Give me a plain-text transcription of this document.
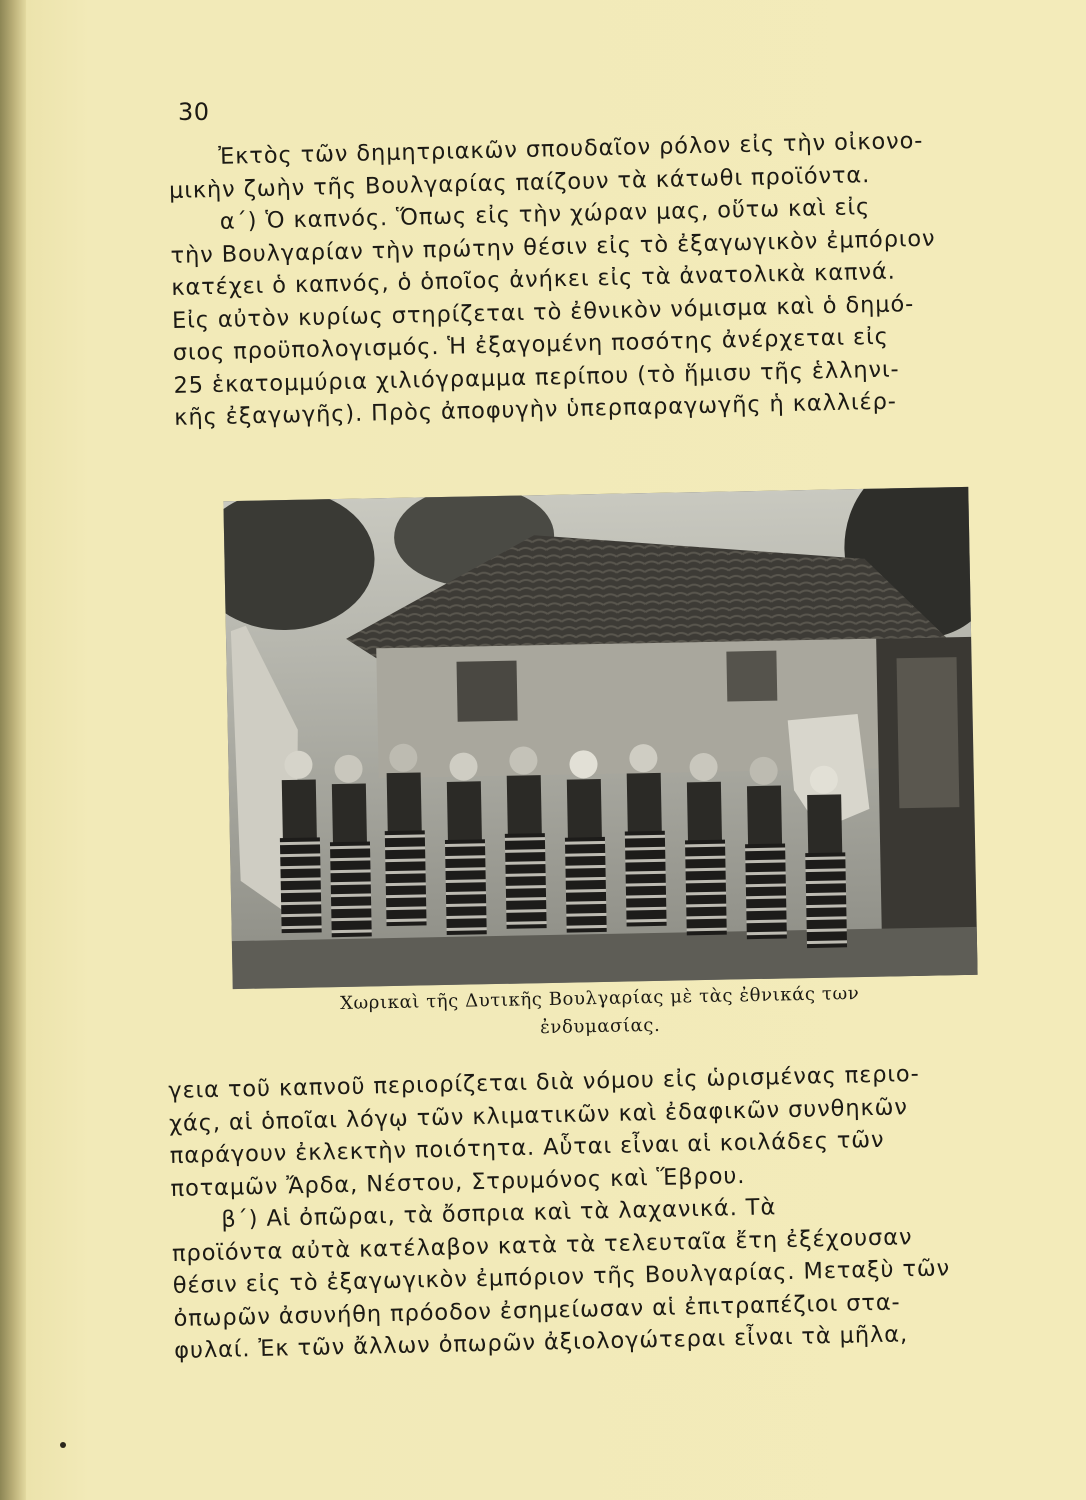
30
Ἐκτὸς τῶν δημητριακῶν σπουδαῖον ρόλον εἰς τὴν οἰκονο-
μικὴν ζωὴν τῆς Βουλγαρίας παίζουν τὰ κάτωθι προϊόντα.
α΄) Ὁ καπνός. Ὅπως εἰς τὴν χώραν μας, οὕτω καὶ εἰς
τὴν Βουλγαρίαν τὴν πρώτην θέσιν εἰς τὸ ἐξαγωγικὸν ἐμπόριον
κατέχει ὁ καπνός, ὁ ὁποῖος ἀνήκει εἰς τὰ ἀνατολικὰ καπνά.
Εἰς αὐτὸν κυρίως στηρίζεται τὸ ἐθνικὸν νόμισμα καὶ ὁ δημό-
σιος προϋπολογισμός. Ἡ ἐξαγομένη ποσότης ἀνέρχεται εἰς
25 ἑκατομμύρια χιλιόγραμμα περίπου (τὸ ἥμισυ τῆς ἑλληνι-
κῆς ἐξαγωγῆς). Πρὸς ἀποφυγὴν ὑπερπαραγωγῆς ἡ καλλιέρ-
Χωρικαὶ τῆς Δυτικῆς Βουλγαρίας μὲ τὰς ἐθνικάς των
ἐνδυμασίας.
γεια τοῦ καπνοῦ περιορίζεται διὰ νόμου εἰς ὡρισμένας περιο-
χάς, αἱ ὁποῖαι λόγῳ τῶν κλιματικῶν καὶ ἐδαφικῶν συνθηκῶν
παράγουν ἐκλεκτὴν ποιότητα. Αὗται εἶναι αἱ κοιλάδες τῶν
ποταμῶν Ἄρδα, Νέστου, Στρυμόνος καὶ Ἕβρου.
β΄) Αἱ ὀπῶραι, τὰ ὄσπρια καὶ τὰ λαχανικά. Τὰ
προϊόντα αὐτὰ κατέλαβον κατὰ τὰ τελευταῖα ἔτη ἐξέχουσαν
θέσιν εἰς τὸ ἐξαγωγικὸν ἐμπόριον τῆς Βουλγαρίας. Μεταξὺ τῶν
ὀπωρῶν ἀσυνήθη πρόοδον ἐσημείωσαν αἱ ἐπιτραπέζιοι στα-
φυλαί. Ἐκ τῶν ἄλλων ὀπωρῶν ἀξιολογώτεραι εἶναι τὰ μῆλα,
